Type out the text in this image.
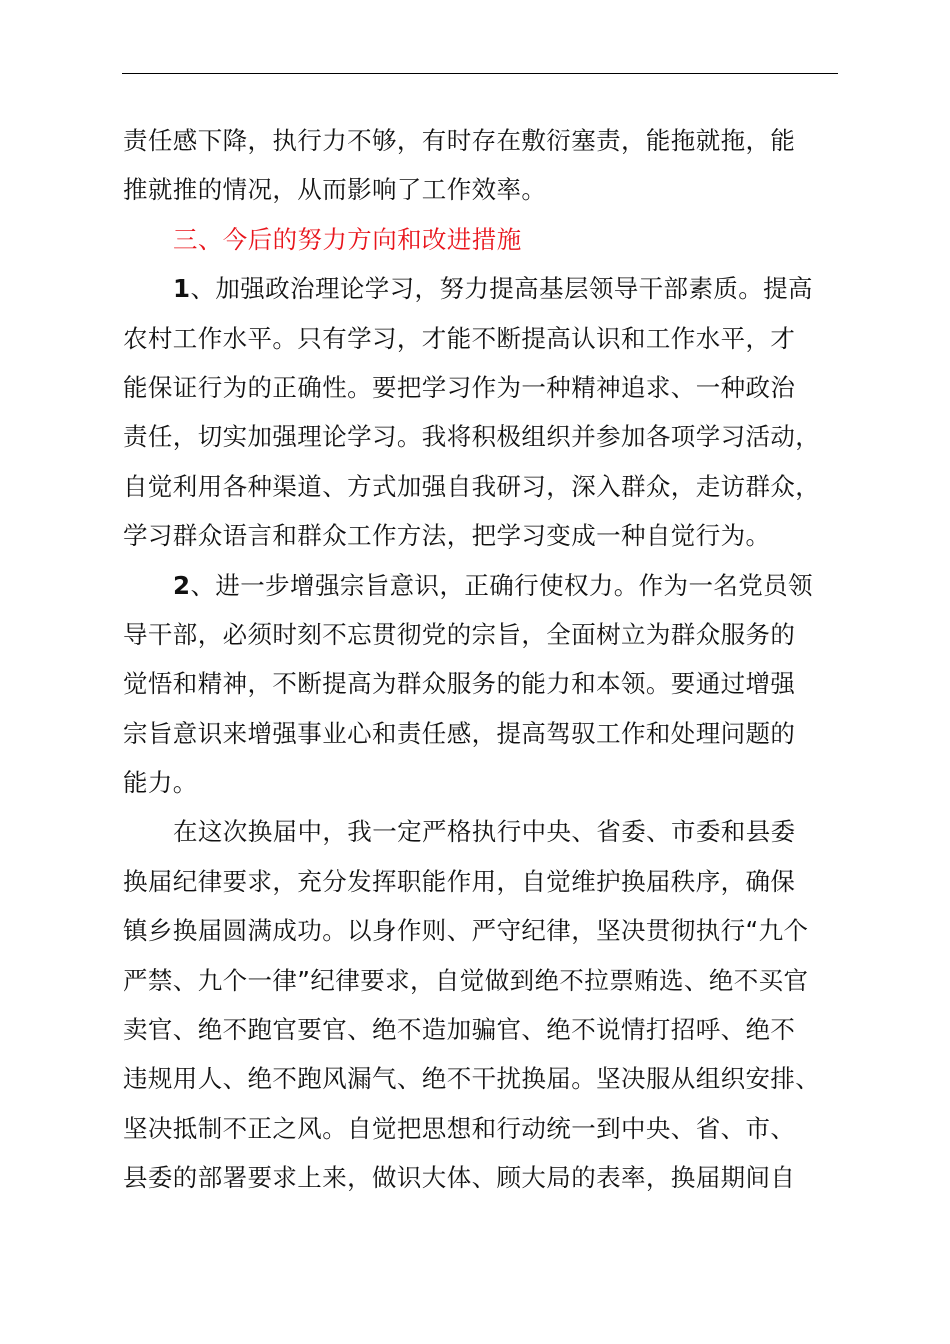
责任感下降，执行力不够，有时存在敷衍塞责，能拖就拖，能
推就推的情况，从而影响了工作效率。
三、今后的努力方向和改进措施
1、加强政治理论学习，努力提高基层领导干部素质。提高
农村工作水平。只有学习，才能不断提高认识和工作水平，才
能保证行为的正确性。要把学习作为一种精神追求、一种政治
责任，切实加强理论学习。我将积极组织并参加各项学习活动，
自觉利用各种渠道、方式加强自我研习，深入群众，走访群众，
学习群众语言和群众工作方法，把学习变成一种自觉行为。
2、进一步增强宗旨意识，正确行使权力。作为一名党员领
导干部，必须时刻不忘贯彻党的宗旨，全面树立为群众服务的
觉悟和精神，不断提高为群众服务的能力和本领。要通过增强
宗旨意识来增强事业心和责任感，提高驾驭工作和处理问题的
能力。
在这次换届中，我一定严格执行中央、省委、市委和县委
换届纪律要求，充分发挥职能作用，自觉维护换届秩序，确保
镇乡换届圆满成功。以身作则、严守纪律，坚决贯彻执行“九个
严禁、九个一律”纪律要求，自觉做到绝不拉票贿选、绝不买官
卖官、绝不跑官要官、绝不造加骗官、绝不说情打招呼、绝不
违规用人、绝不跑风漏气、绝不干扰换届。坚决服从组织安排、
坚决抵制不正之风。自觉把思想和行动统一到中央、省、市、
县委的部署要求上来，做识大体、顾大局的表率，换届期间自
